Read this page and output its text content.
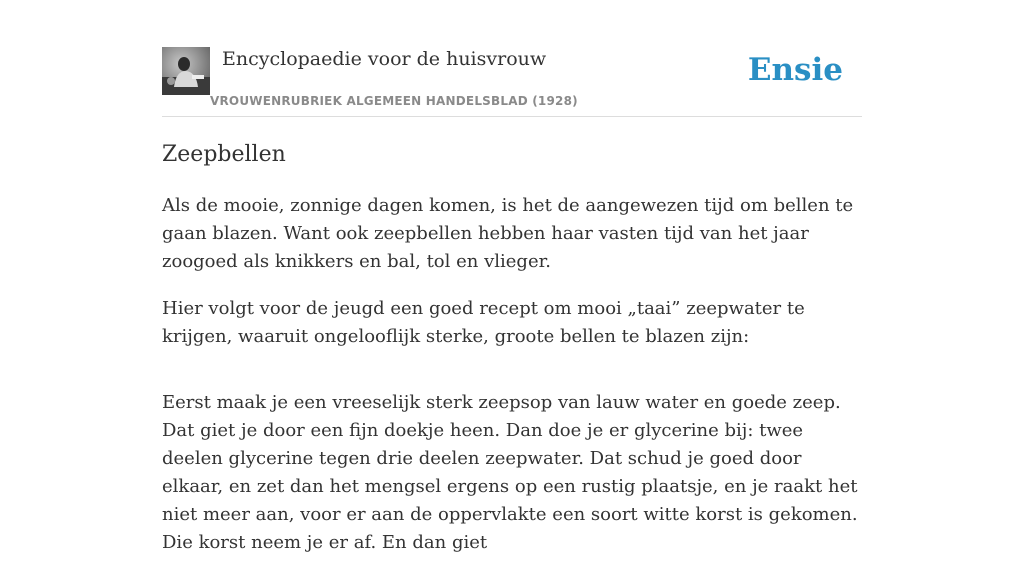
Encyclopaedie voor de huisvrouw
VROUWENRUBRIEK ALGEMEEN HANDELSBLAD (1928)
Ensie
Zeepbellen

Als de mooie, zonnige dagen komen, is het de aangewezen tijd om bellen te gaan blazen. Want ook zeepbellen hebben haar vasten tijd van het jaar zoogoed als knikkers en bal, tol en vlieger.

Hier volgt voor de jeugd een goed recept om mooi „taai” zeepwater te krijgen, waaruit ongelooflijk sterke, groote bellen te blazen zijn:

Eerst maak je een vreeselijk sterk zeepsop van lauw water en goede zeep. Dat giet je door een fijn doekje heen. Dan doe je er glycerine bij: twee deelen glycerine tegen drie deelen zeepwater. Dat schud je goed door elkaar, en zet dan het mengsel ergens op een rustig plaatsje, en je raakt het niet meer aan, voor er aan de oppervlakte een soort witte korst is gekomen. Die korst neem je er af. En dan giet
